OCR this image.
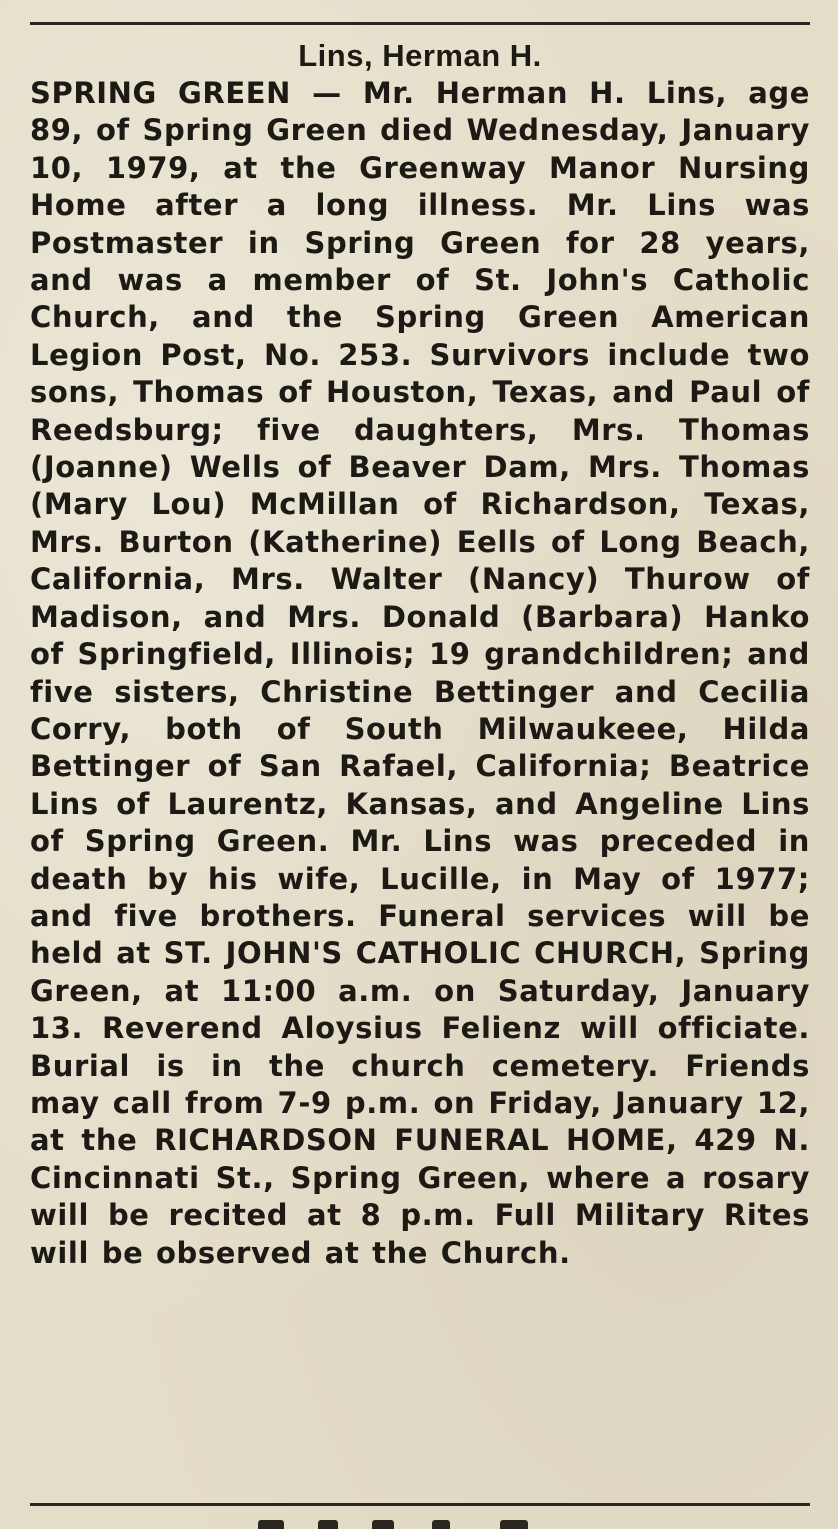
Lins, Herman H.

SPRING GREEN — Mr. Herman H. Lins, age 89, of Spring Green died Wednesday, January 10, 1979, at the Greenway Manor Nursing Home after a long illness. Mr. Lins was Postmaster in Spring Green for 28 years, and was a member of St. John's Catholic Church, and the Spring Green American Legion Post, No. 253. Survivors include two sons, Thomas of Houston, Texas, and Paul of Reedsburg; five daughters, Mrs. Thomas (Joanne) Wells of Beaver Dam, Mrs. Thomas (Mary Lou) McMillan of Richardson, Texas, Mrs. Burton (Katherine) Eells of Long Beach, California, Mrs. Walter (Nancy) Thurow of Madison, and Mrs. Donald (Barbara) Hanko of Springfield, Illinois; 19 grandchildren; and five sisters, Christine Bettinger and Cecilia Corry, both of South Milwaukeee, Hilda Bettinger of San Rafael, California; Beatrice Lins of Laurentz, Kansas, and Angeline Lins of Spring Green. Mr. Lins was preceded in death by his wife, Lucille, in May of 1977; and five brothers. Funeral services will be held at ST. JOHN'S CATHOLIC CHURCH, Spring Green, at 11:00 a.m. on Saturday, January 13. Reverend Aloysius Felienz will officiate. Burial is in the church cemetery. Friends may call from 7-9 p.m. on Friday, January 12, at the RICHARDSON FUNERAL HOME, 429 N. Cincinnati St., Spring Green, where a rosary will be recited at 8 p.m. Full Military Rites will be observed at the Church.
